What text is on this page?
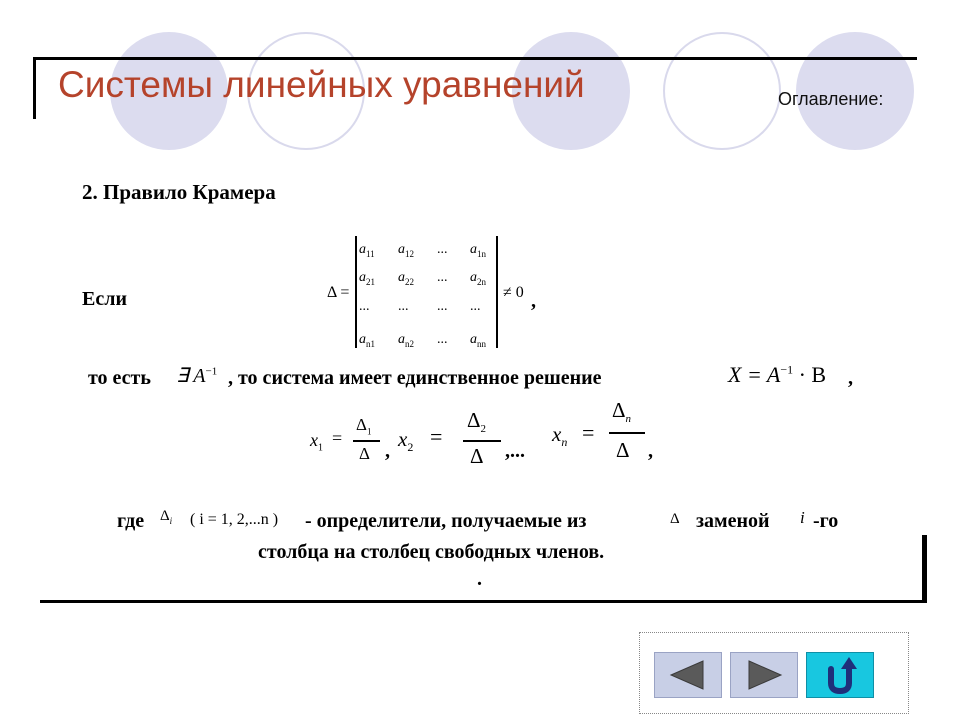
Системы линейных уравнений	Оглавление:
2. Правило Крамера
Если	Δ =
$a_{11}$ $a_{12}$ ... $a_{1n}$
$a_{21}$ $a_{22}$ ... $a_{2n}$
... ... ... ...
$a_{n1}$ $a_{n2}$ ... $a_{nn}$
≠ 0 ,
то есть ∃ $A^{-1}$ , то система имеет единственное решение	$X = A^{-1} \cdot B$ ,
$x_1$
=
$\Delta_1$
Δ , $x_2$ =
$\Delta_2$
Δ ,...
$x_n$ =
$\Delta_n$
Δ ,
где $\Delta_i$ ( i = 1, 2,...n ) - определители, получаемые из	Δ заменой i -го
столбца на столбец свободных членов.
.
